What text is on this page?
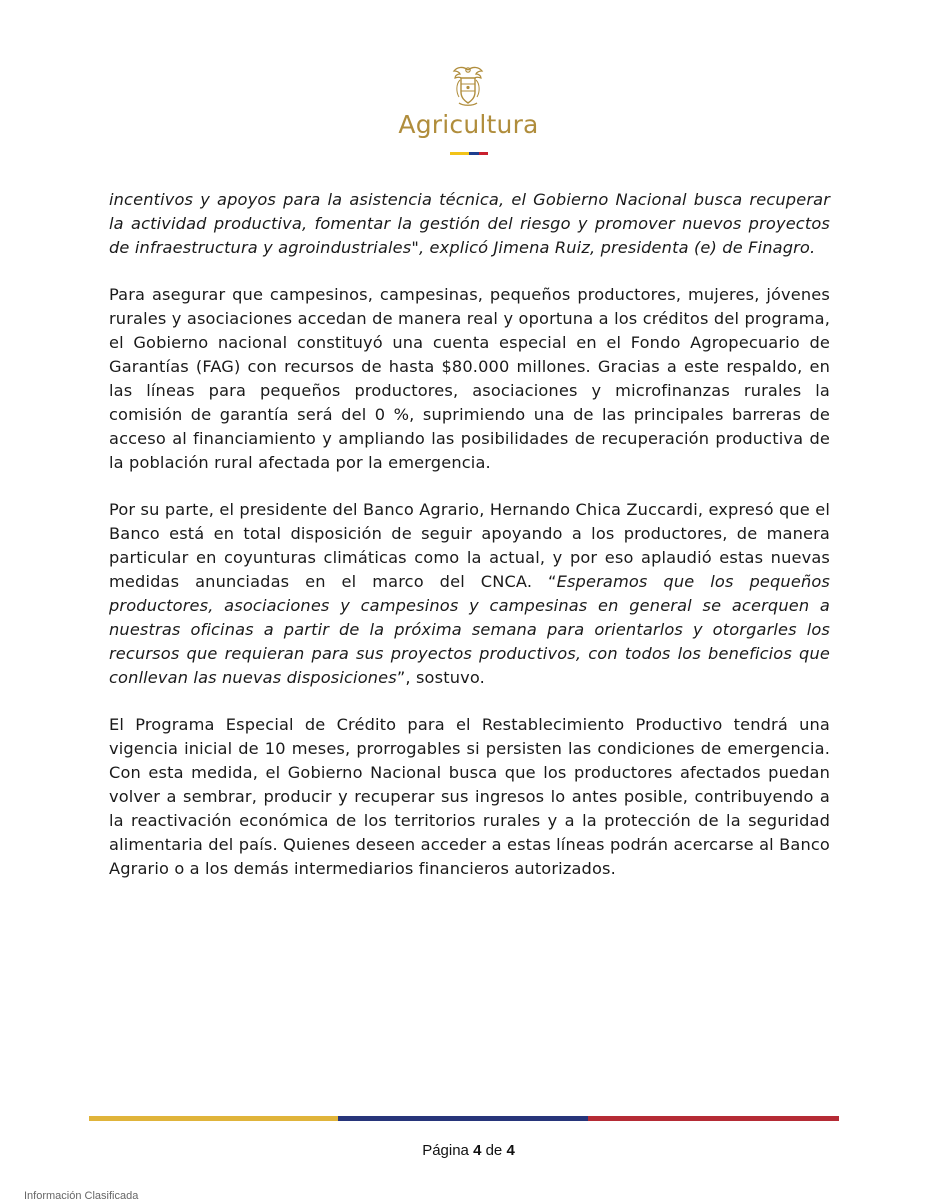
Agricultura

incentivos y apoyos para la asistencia técnica, el Gobierno Nacional busca recuperar la actividad productiva, fomentar la gestión del riesgo y promover nuevos proyectos de infraestructura y agroindustriales", explicó Jimena Ruiz, presidenta (e) de Finagro.

Para asegurar que campesinos, campesinas, pequeños productores, mujeres, jóvenes rurales y asociaciones accedan de manera real y oportuna a los créditos del programa, el Gobierno nacional constituyó una cuenta especial en el Fondo Agropecuario de Garantías (FAG) con recursos de hasta $80.000 millones. Gracias a este respaldo, en las líneas para pequeños productores, asociaciones y microfinanzas rurales la comisión de garantía será del 0 %, suprimiendo una de las principales barreras de acceso al financiamiento y ampliando las posibilidades de recuperación productiva de la población rural afectada por la emergencia.

Por su parte, el presidente del Banco Agrario, Hernando Chica Zuccardi, expresó que el Banco está en total disposición de seguir apoyando a los productores, de manera particular en coyunturas climáticas como la actual, y por eso aplaudió estas nuevas medidas anunciadas en el marco del CNCA. “Esperamos que los pequeños productores, asociaciones y campesinos y campesinas en general se acerquen a nuestras oficinas a partir de la próxima semana para orientarlos y otorgarles los recursos que requieran para sus proyectos productivos, con todos los beneficios que conllevan las nuevas disposiciones”, sostuvo.

El Programa Especial de Crédito para el Restablecimiento Productivo tendrá una vigencia inicial de 10 meses, prorrogables si persisten las condiciones de emergencia. Con esta medida, el Gobierno Nacional busca que los productores afectados puedan volver a sembrar, producir y recuperar sus ingresos lo antes posible, contribuyendo a la reactivación económica de los territorios rurales y a la protección de la seguridad alimentaria del país. Quienes deseen acceder a estas líneas podrán acercarse al Banco Agrario o a los demás intermediarios financieros autorizados.

Página 4 de 4
Información Clasificada
